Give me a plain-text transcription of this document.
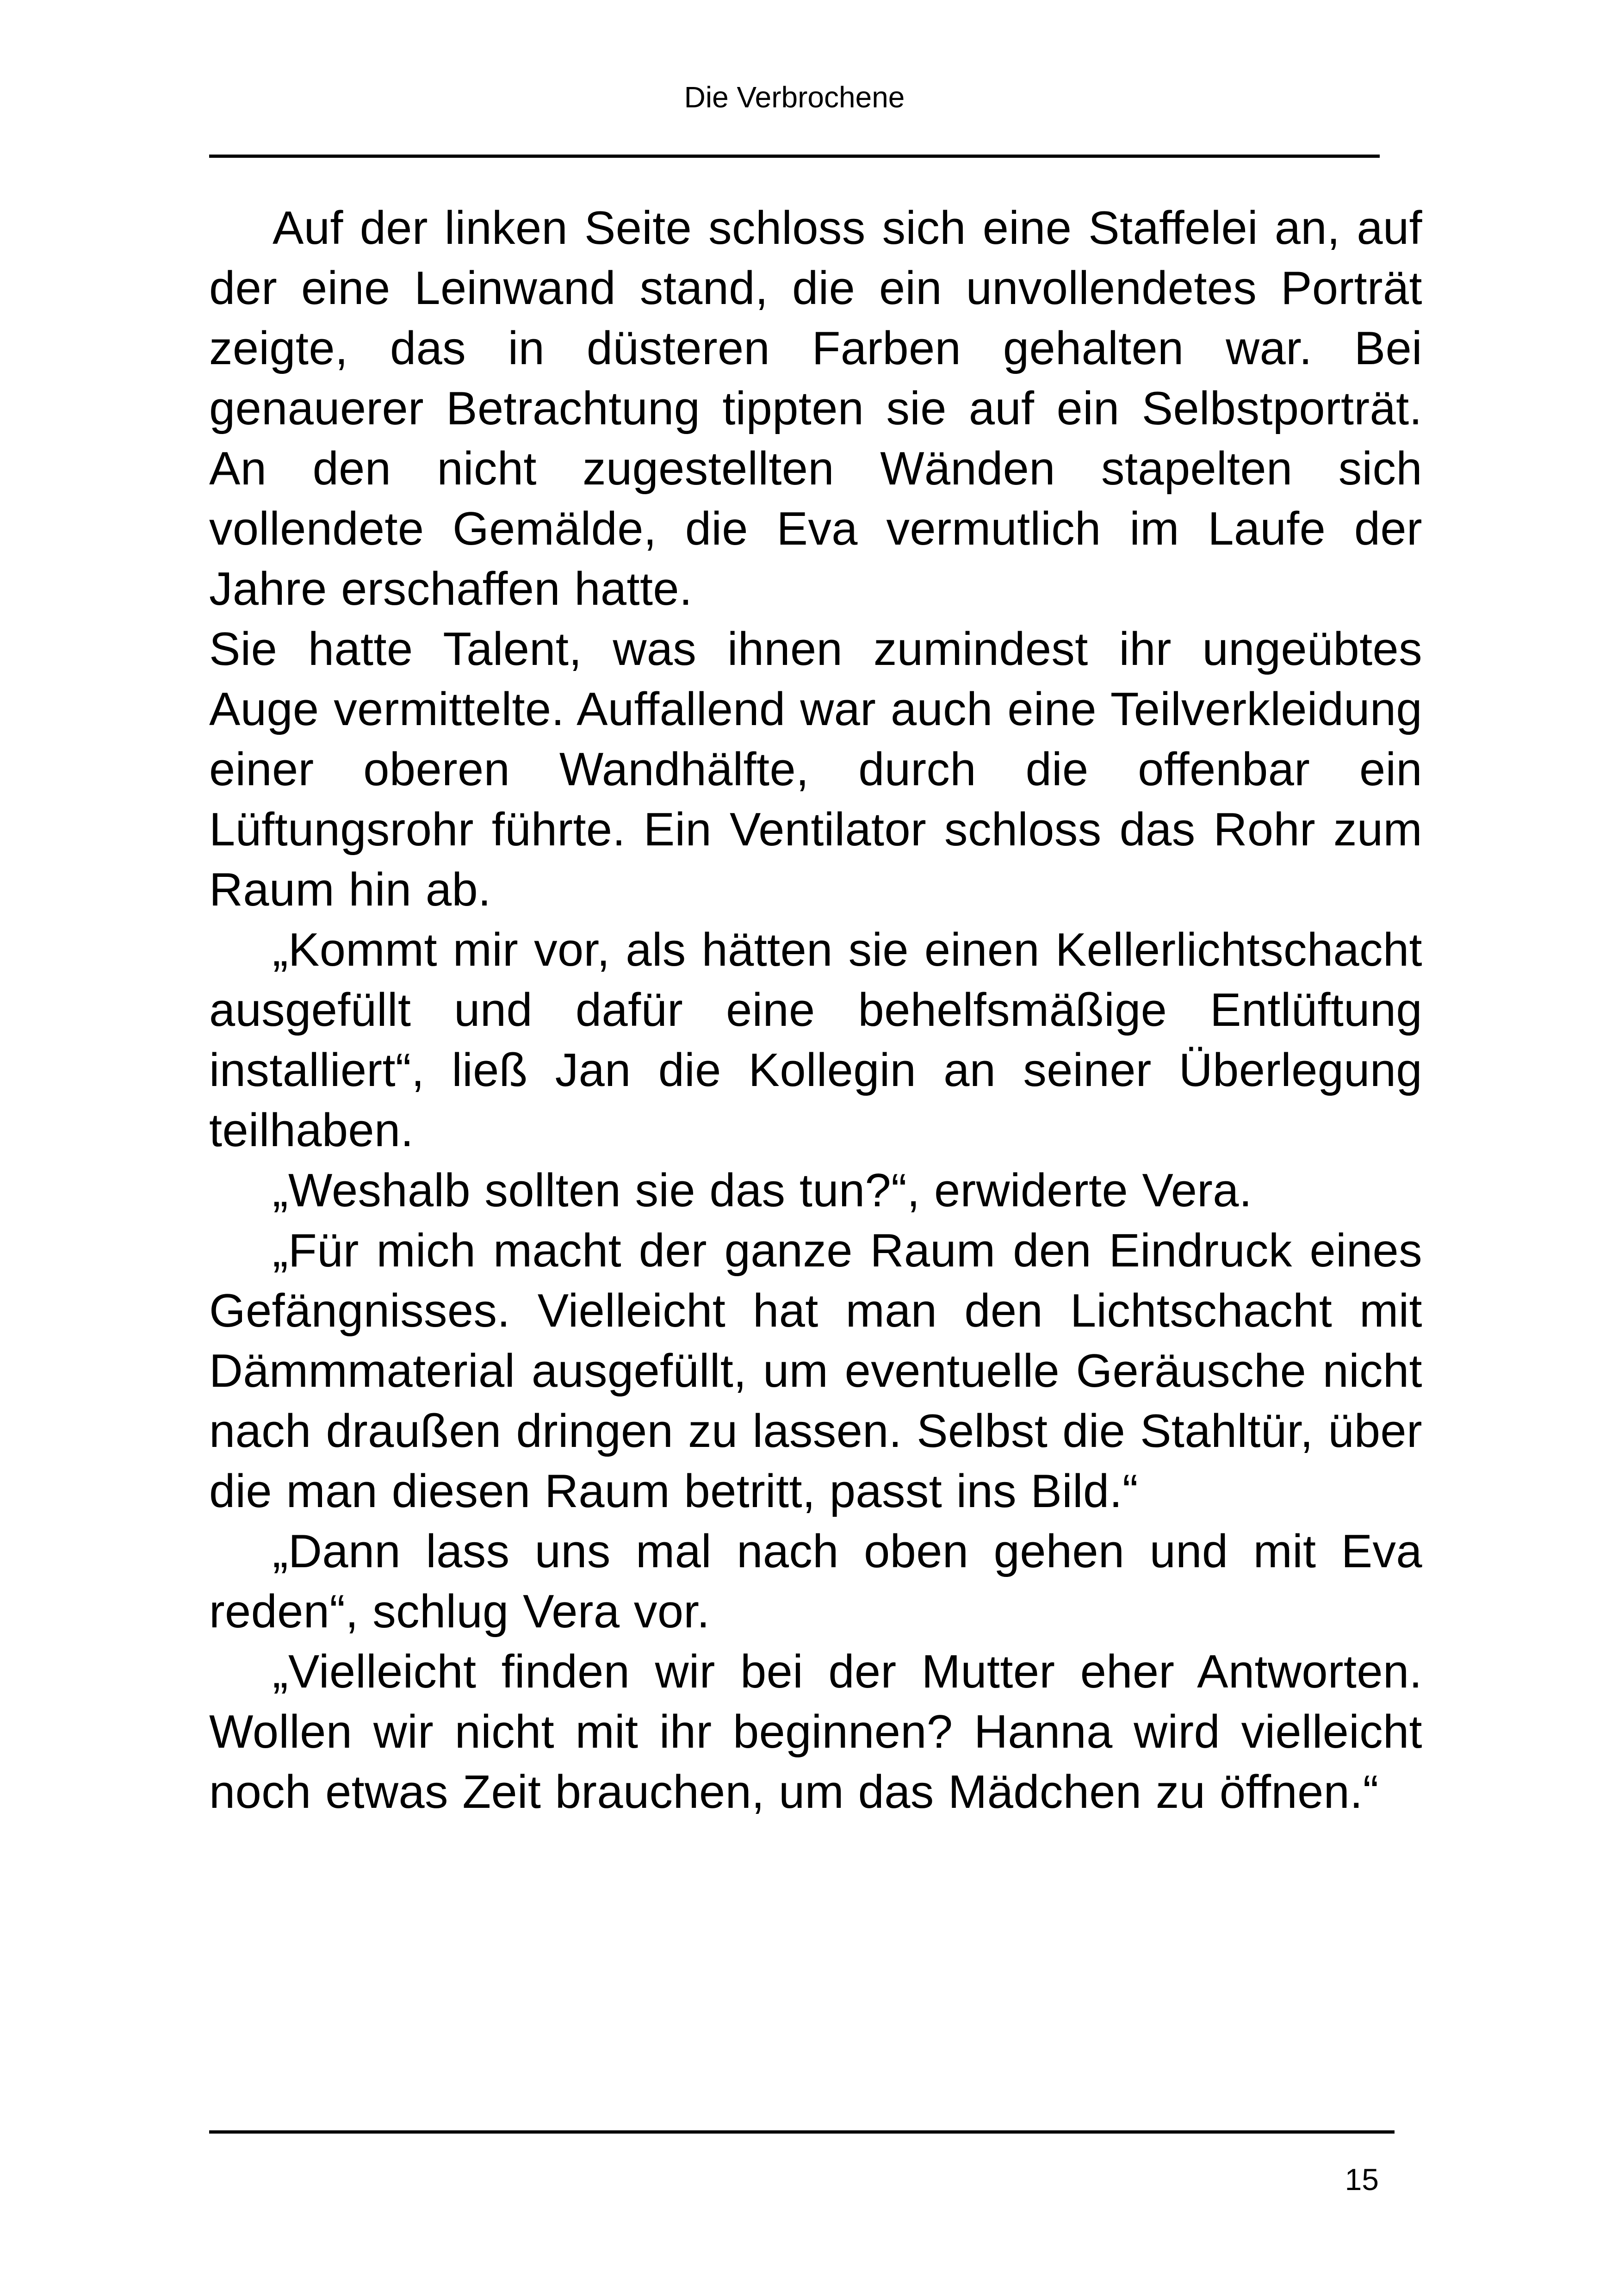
Die Verbrochene

Auf der linken Seite schloss sich eine Staffelei an, auf der eine Leinwand stand, die ein unvollendetes Porträt zeigte, das in düsteren Farben gehalten war. Bei genauerer Betrachtung tippten sie auf ein Selbstporträt. An den nicht zugestellten Wänden stapelten sich vollendete Gemälde, die Eva vermutlich im Laufe der Jahre erschaffen hatte.

Sie hatte Talent, was ihnen zumindest ihr ungeübtes Auge vermittelte. Auffallend war auch eine Teilverkleidung einer oberen Wandhälfte, durch die offenbar ein Lüftungsrohr führte. Ein Ventilator schloss das Rohr zum Raum hin ab.

„Kommt mir vor, als hätten sie einen Kellerlichtschacht ausgefüllt und dafür eine behelfsmäßige Entlüftung installiert“, ließ Jan die Kollegin an seiner Überlegung teilhaben.

„Weshalb sollten sie das tun?“, erwiderte Vera.

„Für mich macht der ganze Raum den Eindruck eines Gefängnisses. Vielleicht hat man den Lichtschacht mit Dämmmaterial ausgefüllt, um eventuelle Geräusche nicht nach draußen dringen zu lassen. Selbst die Stahltür, über die man diesen Raum betritt, passt ins Bild.“

„Dann lass uns mal nach oben gehen und mit Eva reden“, schlug Vera vor.

„Vielleicht finden wir bei der Mutter eher Antworten. Wollen wir nicht mit ihr beginnen? Hanna wird vielleicht noch etwas Zeit brauchen, um das Mädchen zu öffnen.“

15
